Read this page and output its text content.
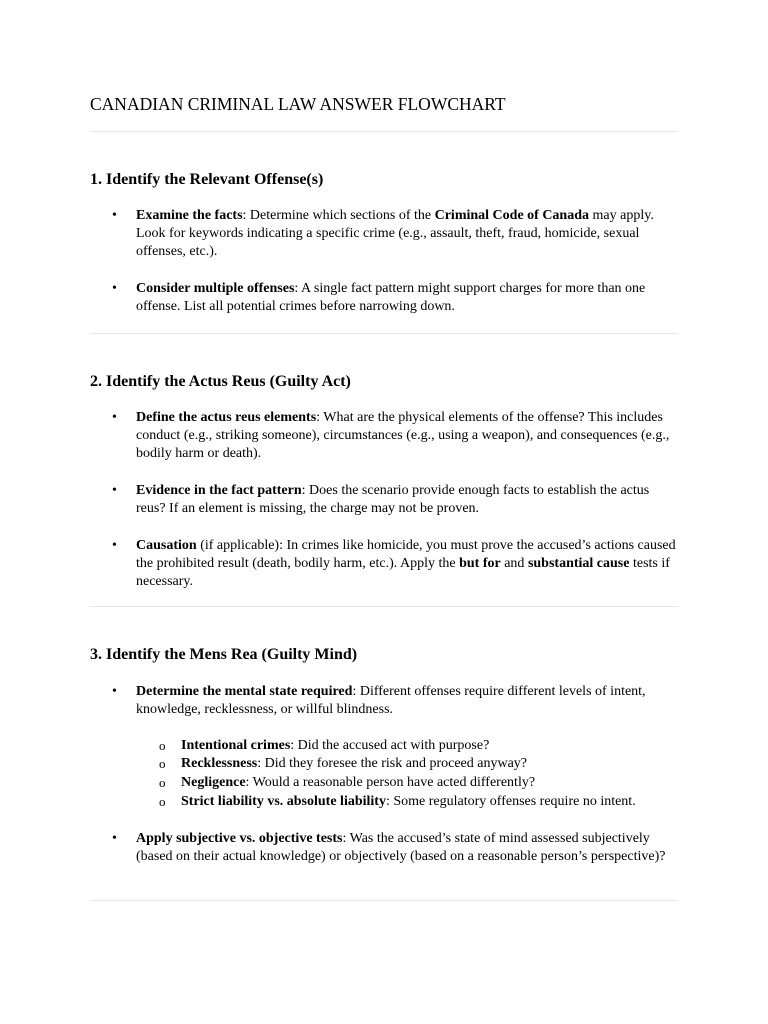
CANADIAN CRIMINAL LAW ANSWER FLOWCHART
1. Identify the Relevant Offense(s)
• Examine the facts: Determine which sections of the Criminal Code of Canada may apply. Look for keywords indicating a specific crime (e.g., assault, theft, fraud, homicide, sexual offenses, etc.).
• Consider multiple offenses: A single fact pattern might support charges for more than one offense. List all potential crimes before narrowing down.
2. Identify the Actus Reus (Guilty Act)
• Define the actus reus elements: What are the physical elements of the offense? This includes conduct (e.g., striking someone), circumstances (e.g., using a weapon), and consequences (e.g., bodily harm or death).
• Evidence in the fact pattern: Does the scenario provide enough facts to establish the actus reus? If an element is missing, the charge may not be proven.
• Causation (if applicable): In crimes like homicide, you must prove the accused’s actions caused the prohibited result (death, bodily harm, etc.). Apply the but for and substantial cause tests if necessary.
3. Identify the Mens Rea (Guilty Mind)
• Determine the mental state required: Different offenses require different levels of intent, knowledge, recklessness, or willful blindness.
o Intentional crimes: Did the accused act with purpose?
o Recklessness: Did they foresee the risk and proceed anyway?
o Negligence: Would a reasonable person have acted differently?
o Strict liability vs. absolute liability: Some regulatory offenses require no intent.
• Apply subjective vs. objective tests: Was the accused’s state of mind assessed subjectively (based on their actual knowledge) or objectively (based on a reasonable person’s perspective)?
